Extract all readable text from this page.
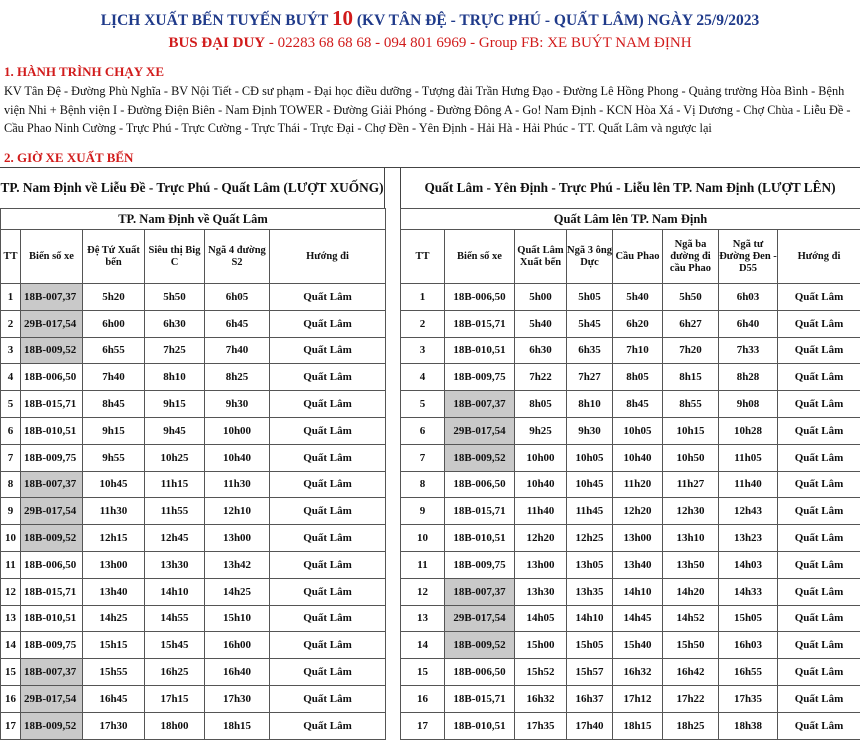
LỊCH XUẤT BẾN TUYẾN BUÝT 10 (KV TÂN ĐỆ - TRỰC PHÚ - QUẤT LÂM) NGÀY 25/9/2023
BUS ĐẠI DUY - 02283 68 68 68 - 094 801 6969 - Group FB: XE BUÝT NAM ĐỊNH
1. HÀNH TRÌNH CHẠY XE
KV Tân Đệ - Đường Phù Nghĩa - BV Nội Tiết - CĐ sư phạm - Đại học điều dưỡng - Tượng đài Trần Hưng Đạo - Đường Lê Hồng Phong - Quảng trường Hòa Bình - Bệnh viện Nhi + Bệnh viện I - Đường Điện Biên - Nam Định TOWER - Đường Giải Phóng - Đường Đông A - Go! Nam Định - KCN Hòa Xá - Vị Dương - Chợ Chùa - Liễu Đề - Cầu Phao Ninh Cường - Trực Phú - Trực Cường - Trực Thái - Trực Đại - Chợ Đền - Yên Định - Hải Hà - Hải Phúc - TT. Quất Lâm và ngược lại
2. GIỜ XE XUẤT BẾN
TP. Nam Định về Liễu Đề - Trực Phú - Quất Lâm (LƯỢT XUỐNG)	Quất Lâm - Yên Định - Trực Phú - Liễu lên TP. Nam Định (LƯỢT LÊN)
TP. Nam Định về Quất Lâm					
TT	Biển số xe	Đệ Tứ Xuất bến	Siêu thị Big C	Ngã 4 đường S2	Hướng đi
1	18B-007,37	5h20	5h50	6h05	Quất Lâm
2	29B-017,54	6h00	6h30	6h45	Quất Lâm
3	18B-009,52	6h55	7h25	7h40	Quất Lâm
4	18B-006,50	7h40	8h10	8h25	Quất Lâm
5	18B-015,71	8h45	9h15	9h30	Quất Lâm
6	18B-010,51	9h15	9h45	10h00	Quất Lâm
7	18B-009,75	9h55	10h25	10h40	Quất Lâm
8	18B-007,37	10h45	11h15	11h30	Quất Lâm
9	29B-017,54	11h30	11h55	12h10	Quất Lâm
10	18B-009,52	12h15	12h45	13h00	Quất Lâm
11	18B-006,50	13h00	13h30	13h42	Quất Lâm
12	18B-015,71	13h40	14h10	14h25	Quất Lâm
13	18B-010,51	14h25	14h55	15h10	Quất Lâm
14	18B-009,75	15h15	15h45	16h00	Quất Lâm
15	18B-007,37	15h55	16h25	16h40	Quất Lâm
16	29B-017,54	16h45	17h15	17h30	Quất Lâm
17	18B-009,52	17h30	18h00	18h15	Quất Lâm
Quất Lâm lên TP. Nam Định							
TT	Biển số xe	Quất Lâm Xuất bến	Ngã 3 ông Dực	Cầu Phao	Ngã ba đường đi cầu Phao	Ngã tư Đường Đen - D55	Hướng đi
1	18B-006,50	5h00	5h05	5h40	5h50	6h03	Quất Lâm
2	18B-015,71	5h40	5h45	6h20	6h27	6h40	Quất Lâm
3	18B-010,51	6h30	6h35	7h10	7h20	7h33	Quất Lâm
4	18B-009,75	7h22	7h27	8h05	8h15	8h28	Quất Lâm
5	18B-007,37	8h05	8h10	8h45	8h55	9h08	Quất Lâm
6	29B-017,54	9h25	9h30	10h05	10h15	10h28	Quất Lâm
7	18B-009,52	10h00	10h05	10h40	10h50	11h05	Quất Lâm
8	18B-006,50	10h40	10h45	11h20	11h27	11h40	Quất Lâm
9	18B-015,71	11h40	11h45	12h20	12h30	12h43	Quất Lâm
10	18B-010,51	12h20	12h25	13h00	13h10	13h23	Quất Lâm
11	18B-009,75	13h00	13h05	13h40	13h50	14h03	Quất Lâm
12	18B-007,37	13h30	13h35	14h10	14h20	14h33	Quất Lâm
13	29B-017,54	14h05	14h10	14h45	14h52	15h05	Quất Lâm
14	18B-009,52	15h00	15h05	15h40	15h50	16h03	Quất Lâm
15	18B-006,50	15h52	15h57	16h32	16h42	16h55	Quất Lâm
16	18B-015,71	16h32	16h37	17h12	17h22	17h35	Quất Lâm
17	18B-010,51	17h35	17h40	18h15	18h25	18h38	Quất Lâm
